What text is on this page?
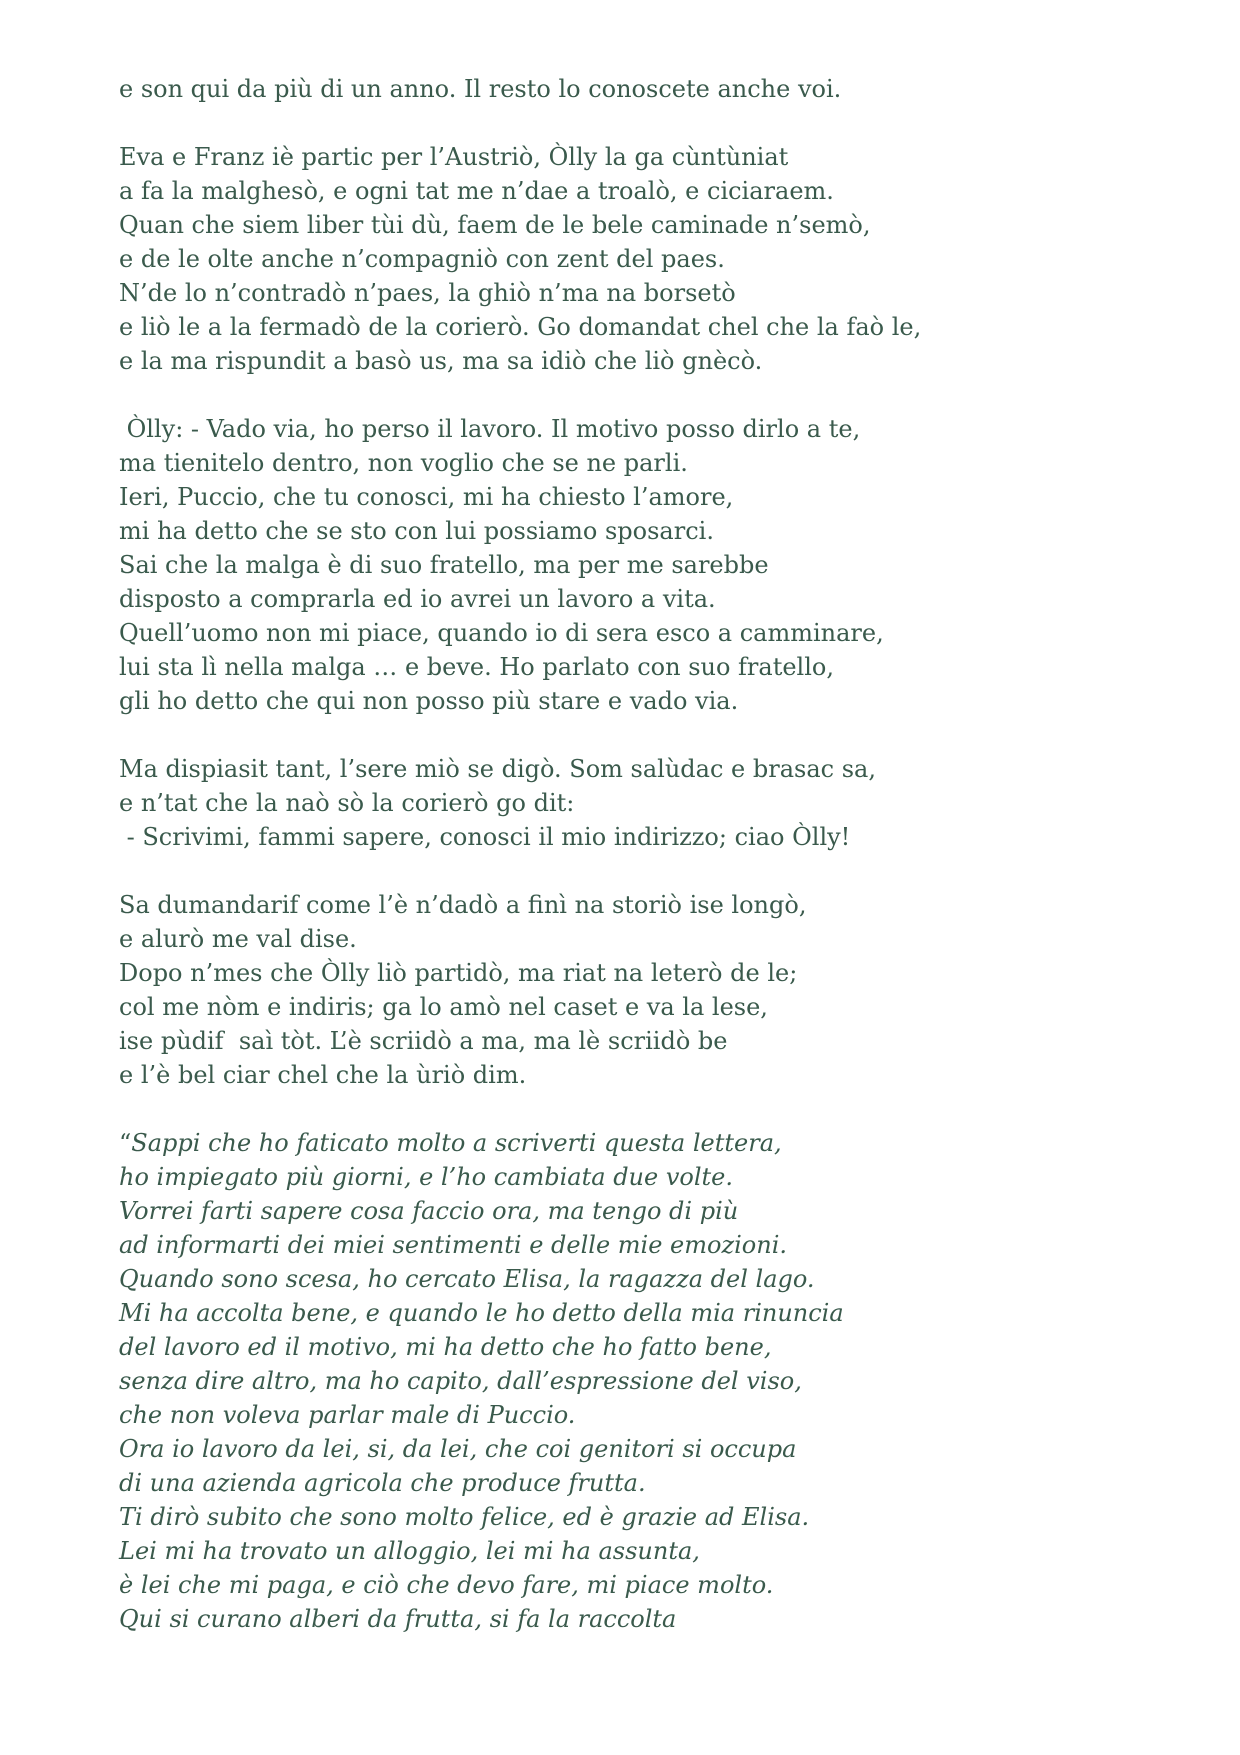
e son qui da più di un anno. Il resto lo conoscete anche voi.
Eva e Franz iè partic per l’Austriò, Òlly la ga cùntùniat
a fa la malghesò, e ogni tat me n’dae a troalò, e ciciaraem.
Quan che siem liber tùi dù, faem de le bele caminade n’semò,
e de le olte anche n’compagniò con zent del paes.
N’de lo n’contradò n’paes, la ghiò n’ma na borsetò
e liò le a la fermadò de la corierò. Go domandat chel che la faò le,
e la ma rispundit a basò us, ma sa idiò che liò gnècò.
Òlly: - Vado via, ho perso il lavoro. Il motivo posso dirlo a te,
ma tienitelo dentro, non voglio che se ne parli.
Ieri, Puccio, che tu conosci, mi ha chiesto l’amore,
mi ha detto che se sto con lui possiamo sposarci.
Sai che la malga è di suo fratello, ma per me sarebbe
disposto a comprarla ed io avrei un lavoro a vita.
Quell’uomo non mi piace, quando io di sera esco a camminare,
lui sta lì nella malga … e beve. Ho parlato con suo fratello,
gli ho detto che qui non posso più stare e vado via.
Ma dispiasit tant, l’sere miò se digò. Som salùdac e brasac sa,
e n’tat che la naò sò la corierò go dit:
- Scrivimi, fammi sapere, conosci il mio indirizzo; ciao Òlly!
Sa dumandarif come l’è n’dadò a finì na storiò ise longò,
e alurò me val dise.
Dopo n’mes che Òlly liò partidò, ma riat na leterò de le;
col me nòm e indiris; ga lo amò nel caset e va la lese,
ise pùdif  saì tòt. L’è scriidò a ma, ma lè scriidò be
e l’è bel ciar chel che la ùriò dim.
“Sappi che ho faticato molto a scriverti questa lettera,
ho impiegato più giorni, e l’ho cambiata due volte.
Vorrei farti sapere cosa faccio ora, ma tengo di più
ad informarti dei miei sentimenti e delle mie emozioni.
Quando sono scesa, ho cercato Elisa, la ragazza del lago.
Mi ha accolta bene, e quando le ho detto della mia rinuncia
del lavoro ed il motivo, mi ha detto che ho fatto bene,
senza dire altro, ma ho capito, dall’espressione del viso,
che non voleva parlar male di Puccio.
Ora io lavoro da lei, si, da lei, che coi genitori si occupa
di una azienda agricola che produce frutta.
Ti dirò subito che sono molto felice, ed è grazie ad Elisa.
Lei mi ha trovato un alloggio, lei mi ha assunta,
è lei che mi paga, e ciò che devo fare, mi piace molto.
Qui si curano alberi da frutta, si fa la raccolta
